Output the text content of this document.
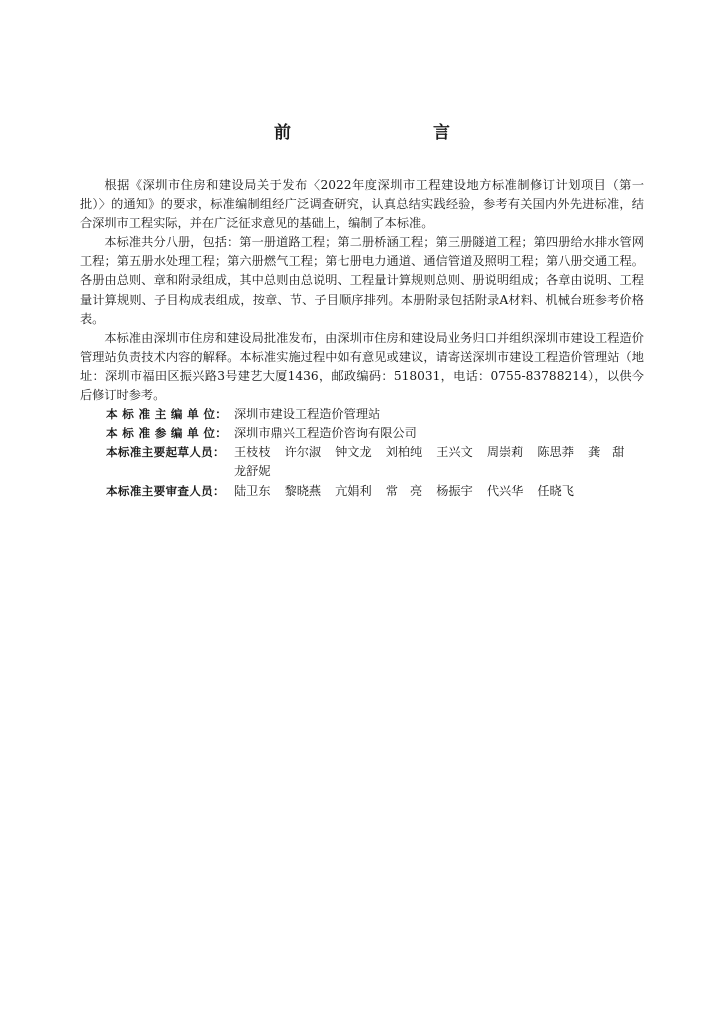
前　　言

根据《深圳市住房和建设局关于发布〈2022年度深圳市工程建设地方标准制修订计划项目（第一批）〉的通知》的要求，标准编制组经广泛调查研究，认真总结实践经验，参考有关国内外先进标准，结合深圳市工程实际，并在广泛征求意见的基础上，编制了本标准。

本标准共分八册，包括：第一册道路工程；第二册桥涵工程；第三册隧道工程；第四册给水排水管网工程；第五册水处理工程；第六册燃气工程；第七册电力通道、通信管道及照明工程；第八册交通工程。各册由总则、章和附录组成，其中总则由总说明、工程量计算规则总则、册说明组成；各章由说明、工程量计算规则、子目构成表组成，按章、节、子目顺序排列。本册附录包括附录A材料、机械台班参考价格表。

本标准由深圳市住房和建设局批准发布，由深圳市住房和建设局业务归口并组织深圳市建设工程造价管理站负责技术内容的解释。本标准实施过程中如有意见或建议，请寄送深圳市建设工程造价管理站（地址：深圳市福田区振兴路3号建艺大厦1436，邮政编码：518031，电话：0755-83788214），以供今后修订时参考。

本 标 准 主 编 单 位： 深圳市建设工程造价管理站
本 标 准 参 编 单 位： 深圳市鼎兴工程造价咨询有限公司
本标准主要起草人员： 王枝枝 许尔淑 钟文龙 刘柏纯 王兴文 周崇莉 陈思莽 龚　甜
龙舒妮
本标准主要审查人员： 陆卫东 黎晓燕 亢娟利 常　亮 杨振宇 代兴华 任晓飞
